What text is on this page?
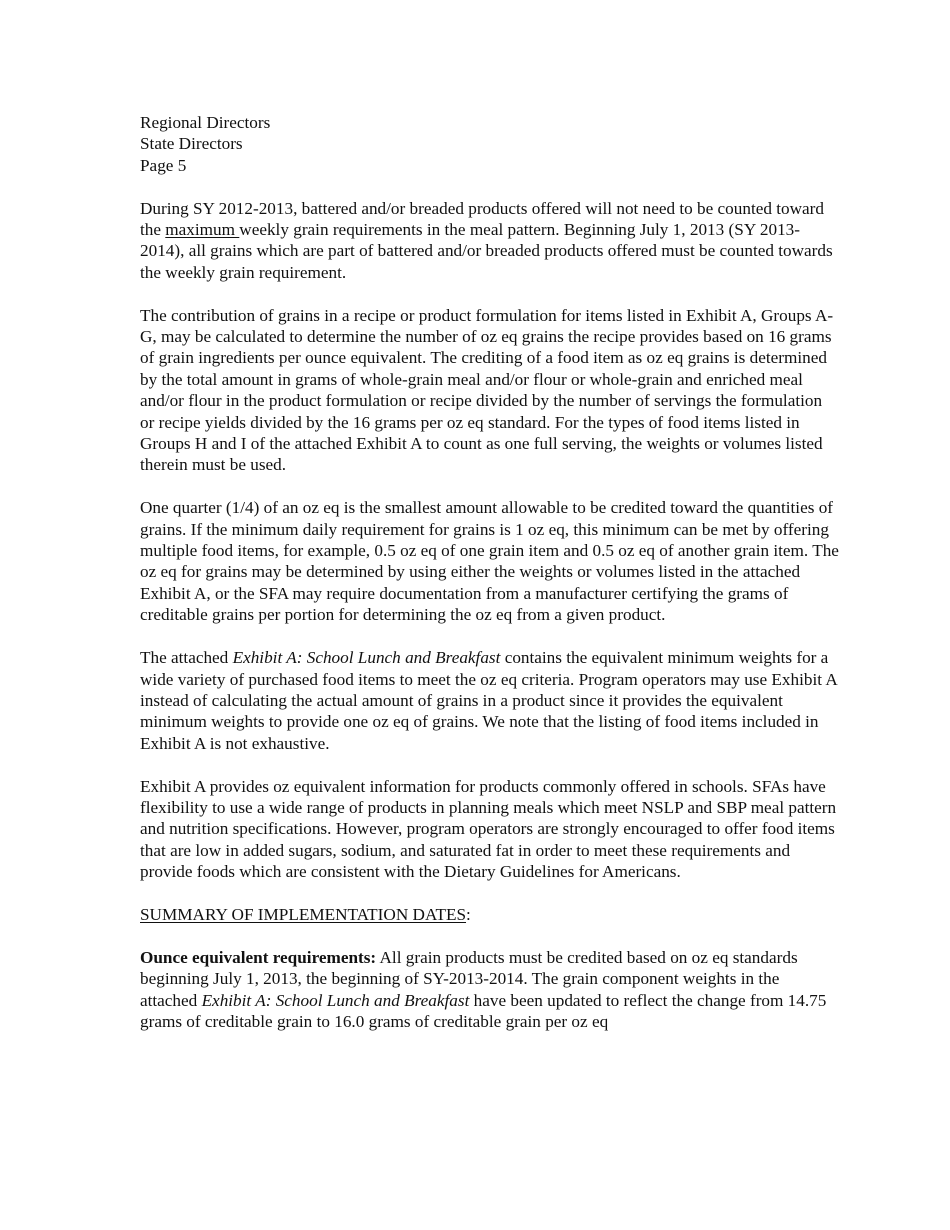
Regional Directors
State Directors
Page 5

During SY 2012-2013, battered and/or breaded products offered will not need to be counted toward the maximum weekly grain requirements in the meal pattern. Beginning July 1, 2013 (SY 2013-2014), all grains which are part of battered and/or breaded products offered must be counted towards the weekly grain requirement.

The contribution of grains in a recipe or product formulation for items listed in Exhibit A, Groups A-G, may be calculated to determine the number of oz eq grains the recipe provides based on 16 grams of grain ingredients per ounce equivalent. The crediting of a food item as oz eq grains is determined by the total amount in grams of whole-grain meal and/or flour or whole-grain and enriched meal and/or flour in the product formulation or recipe divided by the number of servings the formulation or recipe yields divided by the 16 grams per oz eq standard. For the types of food items listed in Groups H and I of the attached Exhibit A to count as one full serving, the weights or volumes listed therein must be used.

One quarter (1/4) of an oz eq is the smallest amount allowable to be credited toward the quantities of grains. If the minimum daily requirement for grains is 1 oz eq, this minimum can be met by offering multiple food items, for example, 0.5 oz eq of one grain item and 0.5 oz eq of another grain item. The oz eq for grains may be determined by using either the weights or volumes listed in the attached Exhibit A, or the SFA may require documentation from a manufacturer certifying the grams of creditable grains per portion for determining the oz eq from a given product.

The attached Exhibit A: School Lunch and Breakfast contains the equivalent minimum weights for a wide variety of purchased food items to meet the oz eq criteria. Program operators may use Exhibit A instead of calculating the actual amount of grains in a product since it provides the equivalent minimum weights to provide one oz eq of grains. We note that the listing of food items included in Exhibit A is not exhaustive.

Exhibit A provides oz equivalent information for products commonly offered in schools. SFAs have flexibility to use a wide range of products in planning meals which meet NSLP and SBP meal pattern and nutrition specifications. However, program operators are strongly encouraged to offer food items that are low in added sugars, sodium, and saturated fat in order to meet these requirements and provide foods which are consistent with the Dietary Guidelines for Americans.

SUMMARY OF IMPLEMENTATION DATES:

Ounce equivalent requirements: All grain products must be credited based on oz eq standards beginning July 1, 2013, the beginning of SY-2013-2014. The grain component weights in the attached Exhibit A: School Lunch and Breakfast have been updated to reflect the change from 14.75 grams of creditable grain to 16.0 grams of creditable grain per oz eq
